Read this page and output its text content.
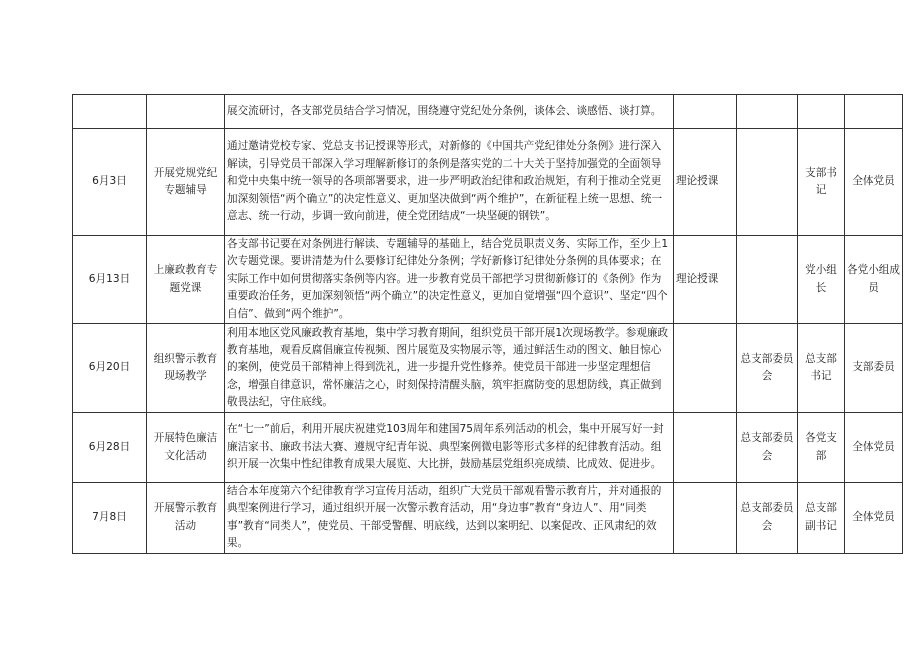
		展交流研讨，各支部党员结合学习情况，围绕遵守党纪处分条例，谈体会、谈感悟、谈打算。				
6月3日	开展党规党纪专题辅导	通过邀请党校专家、党总支书记授课等形式，对新修的《中国共产党纪律处分条例》进行深入解读，引导党员干部深入学习理解新修订的条例是落实党的二十大关于坚持加强党的全面领导和党中央集中统一领导的各项部署要求，进一步严明政治纪律和政治规矩，有利于推动全党更加深刻领悟“两个确立”的决定性意义、更加坚决做到“两个维护”，在新征程上统一思想、统一意志、统一行动，步调一致向前进，使全党团结成“一块坚硬的钢铁”。	理论授课		支部书记	全体党员
6月13日	上廉政教育专题党课	各支部书记要在对条例进行解读、专题辅导的基础上，结合党员职责义务、实际工作，至少上1次专题党课。要讲清楚为什么要修订纪律处分条例；学好新修订纪律处分条例的具体要求；在实际工作中如何贯彻落实条例等内容。进一步教育党员干部把学习贯彻新修订的《条例》作为重要政治任务，更加深刻领悟“两个确立”的决定性意义，更加自觉增强“四个意识”、坚定“四个自信”、做到“两个维护”。	理论授课		党小组长	各党小组成员
6月20日	组织警示教育现场教学	利用本地区党风廉政教育基地，集中学习教育期间，组织党员干部开展1次现场教学。参观廉政教育基地，观看反腐倡廉宣传视频、图片展览及实物展示等，通过鲜活生动的图文、触目惊心的案例，使党员干部精神上得到洗礼，进一步提升党性修养。使党员干部进一步坚定理想信念，增强自律意识，常怀廉洁之心，时刻保持清醒头脑，筑牢拒腐防变的思想防线，真正做到敬畏法纪，守住底线。		总支部委员会	总支部书记	支部委员
6月28日	开展特色廉洁文化活动	在“七一”前后，利用开展庆祝建党103周年和建国75周年系列活动的机会，集中开展写好一封廉洁家书、廉政书法大赛、遵规守纪青年说、典型案例微电影等形式多样的纪律教育活动。组织开展一次集中性纪律教育成果大展览、大比拼，鼓励基层党组织亮成绩、比成效、促进步。		总支部委员会	各党支部	全体党员
7月8日	开展警示教育活动	结合本年度第六个纪律教育学习宣传月活动，组织广大党员干部观看警示教育片，并对通报的典型案例进行学习，通过组织开展一次警示教育活动，用“身边事”教育“身边人”、用“同类事”教育“同类人”，使党员、干部受警醒、明底线，达到以案明纪、以案促改、正风肃纪的效果。		总支部委员会	总支部副书记	全体党员
